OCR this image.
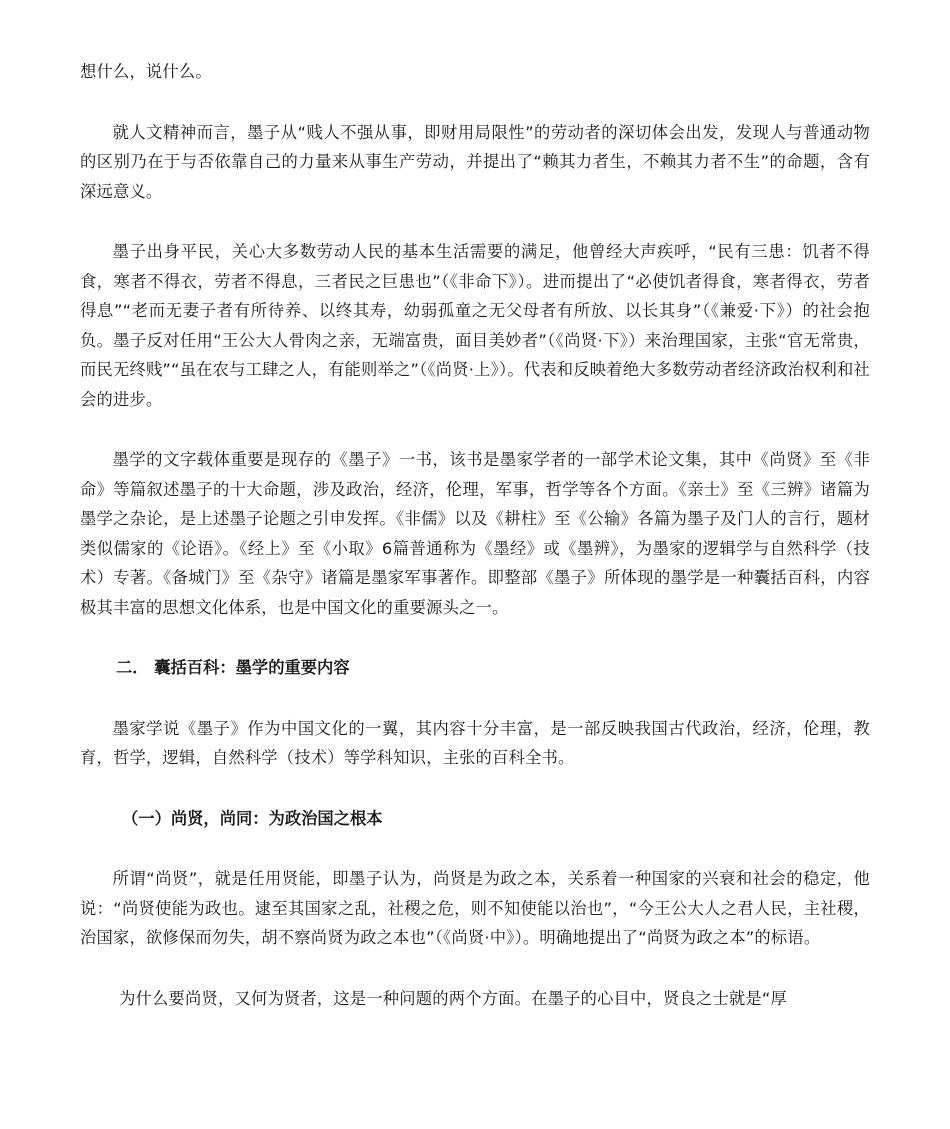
想什么，说什么。

就人文精神而言，墨子从“贱人不强从事，即财用局限性”的劳动者的深切体会出发，发现人与普通动物的区别乃在于与否依靠自己的力量来从事生产劳动，并提出了“赖其力者生，不赖其力者不生”的命题，含有深远意义。

墨子出身平民，关心大多数劳动人民的基本生活需要的满足，他曾经大声疾呼，“民有三患：饥者不得食，寒者不得衣，劳者不得息，三者民之巨患也”（《非命下》）。进而提出了“必使饥者得食，寒者得衣，劳者得息”“老而无妻子者有所待养、以终其寿，幼弱孤童之无父母者有所放、以长其身”（《兼爱·下》）的社会抱负。墨子反对任用“王公大人骨肉之亲，无端富贵，面目美妙者”（《尚贤·下》）来治理国家，主张“官无常贵，而民无终贱”“虽在农与工肆之人，有能则举之”（《尚贤·上》）。代表和反映着绝大多数劳动者经济政治权利和社会的进步。

墨学的文字载体重要是现存的《墨子》一书，该书是墨家学者的一部学术论文集，其中《尚贤》至《非命》等篇叙述墨子的十大命题，涉及政治，经济，伦理，军事，哲学等各个方面。《亲士》至《三辨》诸篇为墨学之杂论，是上述墨子论题之引申发挥。《非儒》以及《耕柱》至《公输》各篇为墨子及门人的言行，题材类似儒家的《论语》。《经上》至《小取》6篇普通称为《墨经》或《墨辨》，为墨家的逻辑学与自然科学（技术）专著。《备城门》至《杂守》诸篇是墨家军事著作。即整部《墨子》所体现的墨学是一种囊括百科，内容极其丰富的思想文化体系，也是中国文化的重要源头之一。

二． 囊括百科：墨学的重要内容

墨家学说《墨子》作为中国文化的一翼，其内容十分丰富，是一部反映我国古代政治，经济，伦理，教育，哲学，逻辑，自然科学（技术）等学科知识，主张的百科全书。

（一）尚贤，尚同：为政治国之根本

所谓“尚贤”，就是任用贤能，即墨子认为，尚贤是为政之本，关系着一种国家的兴衰和社会的稳定，他说：“尚贤使能为政也。逮至其国家之乱，社稷之危，则不知使能以治也”，“今王公大人之君人民，主社稷，治国家，欲修保而勿失，胡不察尚贤为政之本也”（《尚贤·中》）。明确地提出了“尚贤为政之本”的标语。

为什么要尚贤，又何为贤者，这是一种问题的两个方面。在墨子的心目中，贤良之士就是“厚
